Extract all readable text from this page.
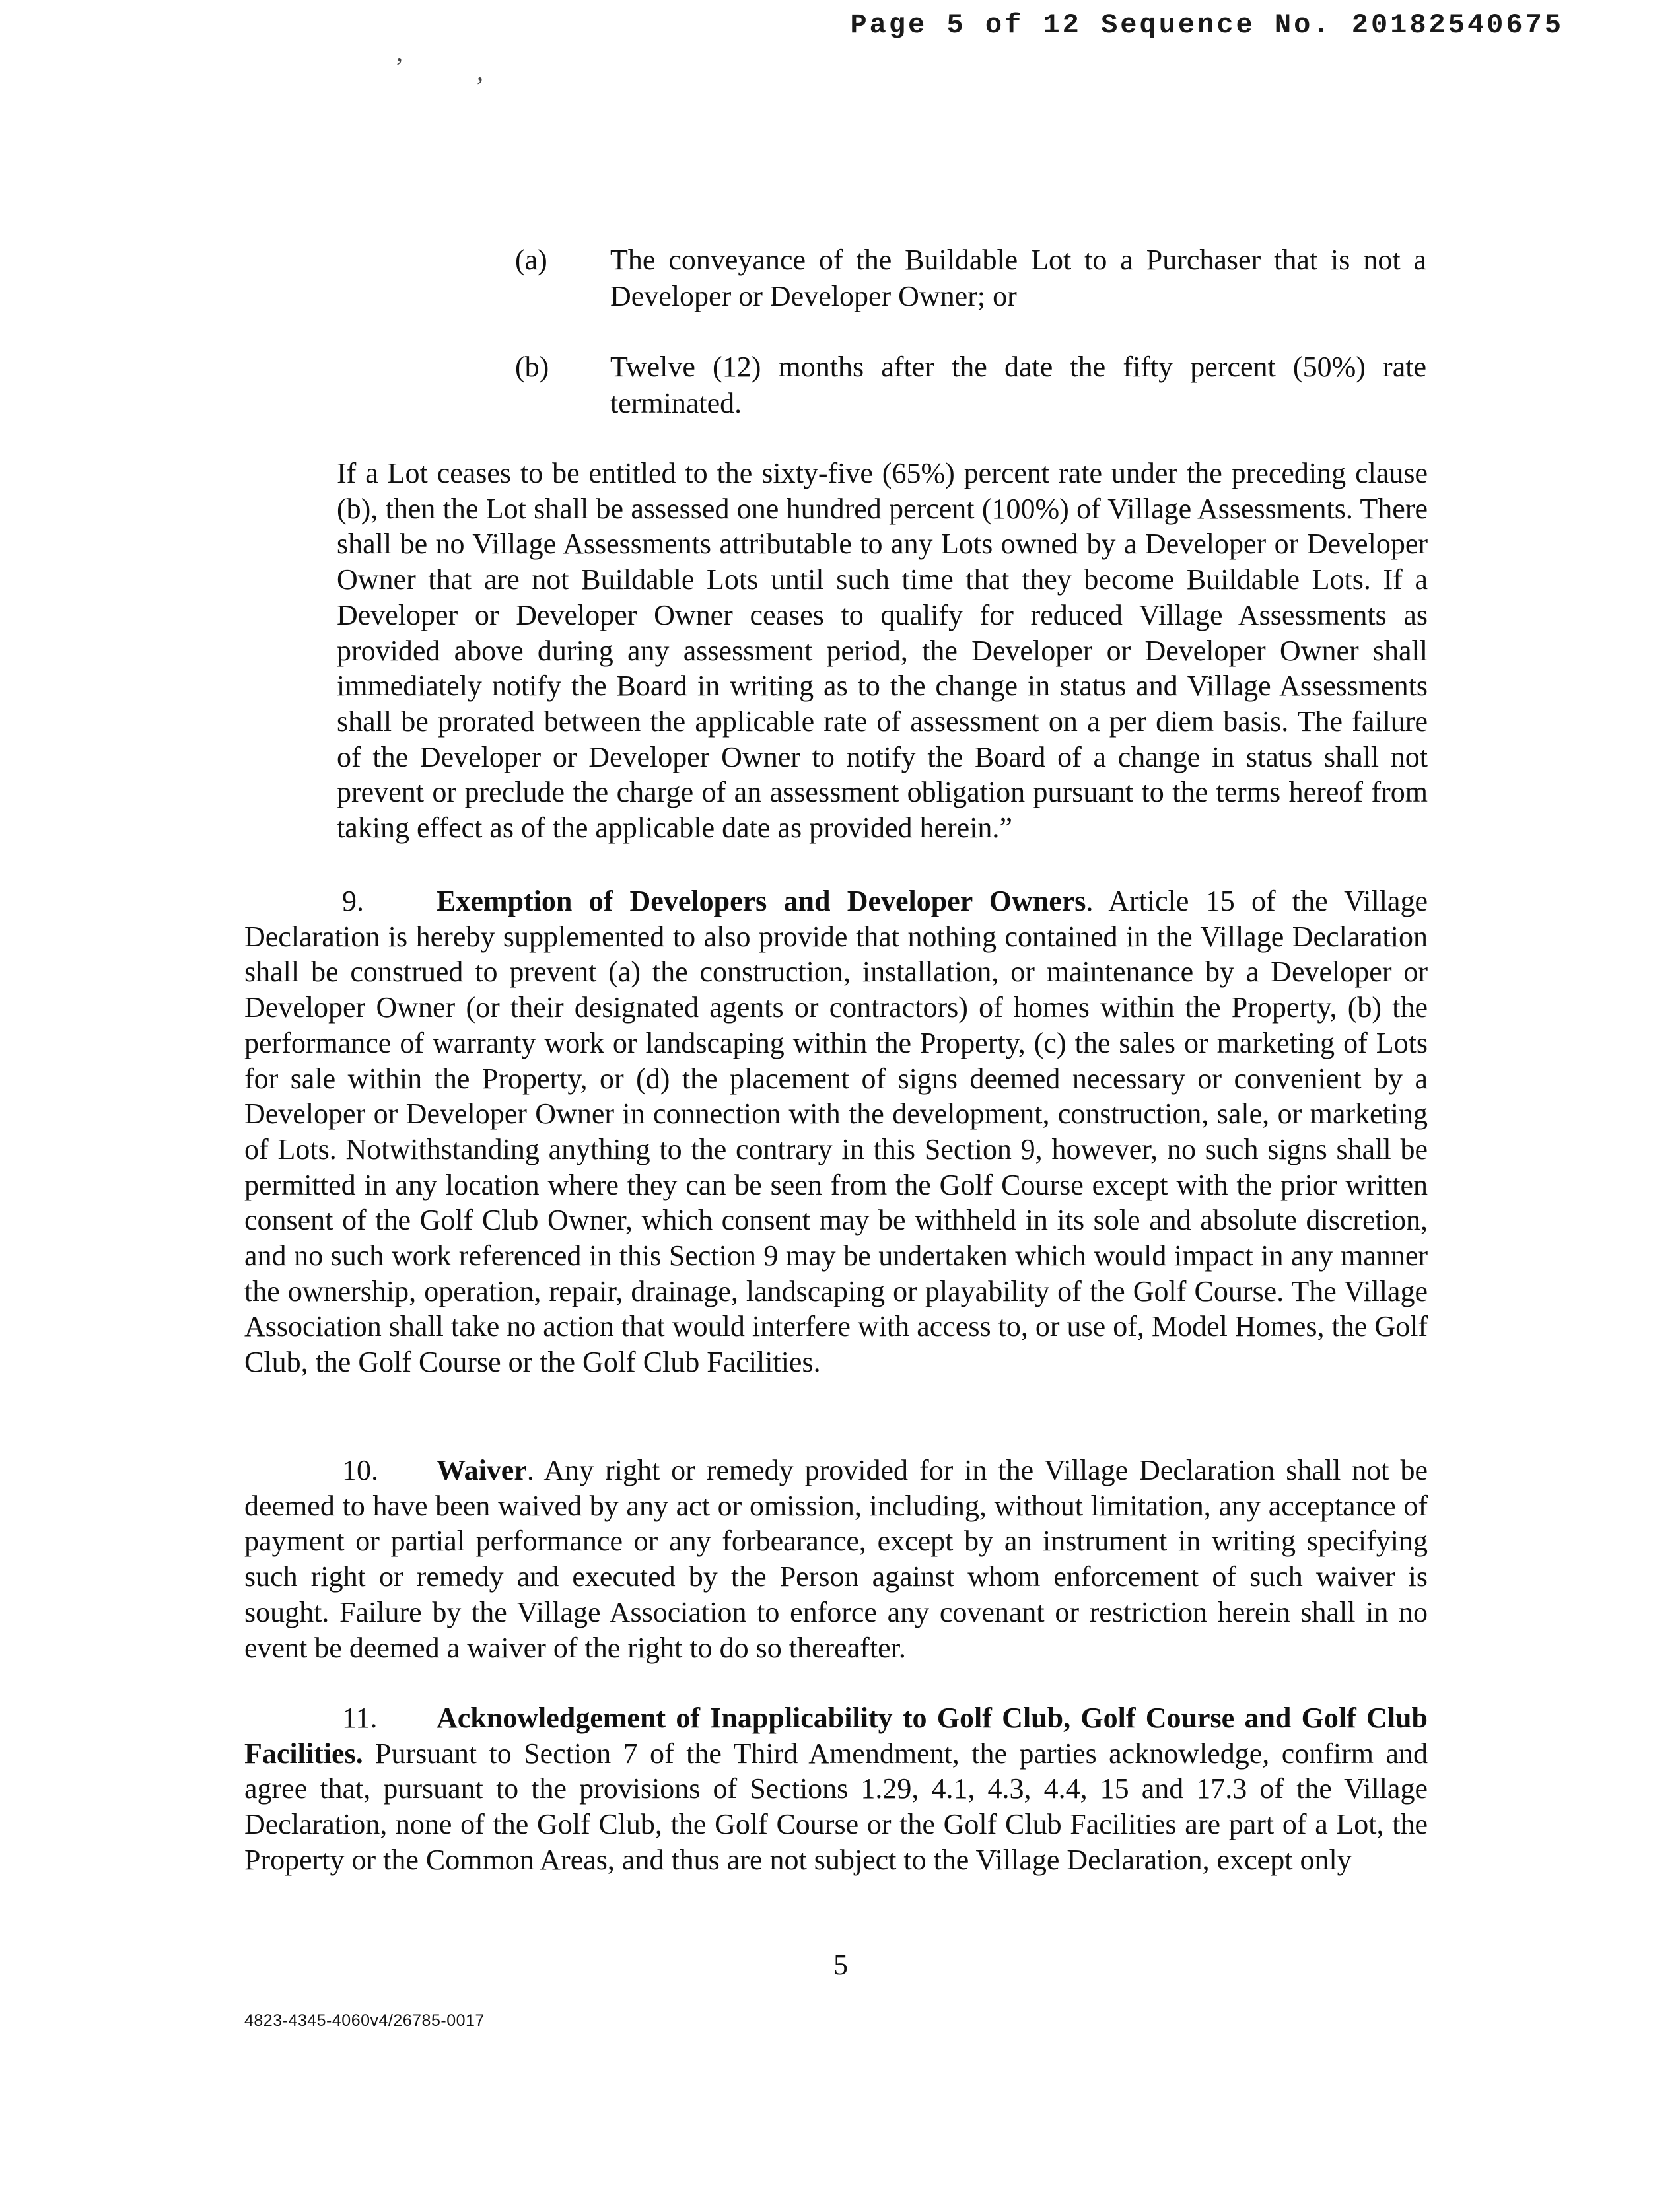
Page 5 of 12 Sequence No. 20182540675
ʼ	,
(a) The conveyance of the Buildable Lot to a Purchaser that is not a Developer or Developer Owner; or
(b) Twelve (12) months after the date the fifty percent (50%) rate terminated.

If a Lot ceases to be entitled to the sixty-five (65%) percent rate under the preceding clause (b), then the Lot shall be assessed one hundred percent (100%) of Village Assessments. There shall be no Village Assessments attributable to any Lots owned by a Developer or Developer Owner that are not Buildable Lots until such time that they become Buildable Lots. If a Developer or Developer Owner ceases to qualify for reduced Village Assessments as provided above during any assessment period, the Developer or Developer Owner shall immediately notify the Board in writing as to the change in status and Village Assessments shall be prorated between the applicable rate of assessment on a per diem basis. The failure of the Developer or Developer Owner to notify the Board of a change in status shall not prevent or preclude the charge of an assessment obligation pursuant to the terms hereof from taking effect as of the applicable date as provided herein.”

9.	Exemption of Developers and Developer Owners. Article 15 of the Village Declaration is hereby supplemented to also provide that nothing contained in the Village Declaration shall be construed to prevent (a) the construction, installation, or maintenance by a Developer or Developer Owner (or their designated agents or contractors) of homes within the Property, (b) the performance of warranty work or landscaping within the Property, (c) the sales or marketing of Lots for sale within the Property, or (d) the placement of signs deemed necessary or convenient by a Developer or Developer Owner in connection with the development, construction, sale, or marketing of Lots. Notwithstanding anything to the contrary in this Section 9, however, no such signs shall be permitted in any location where they can be seen from the Golf Course except with the prior written consent of the Golf Club Owner, which consent may be withheld in its sole and absolute discretion, and no such work referenced in this Section 9 may be undertaken which would impact in any manner the ownership, operation, repair, drainage, landscaping or playability of the Golf Course. The Village Association shall take no action that would interfere with access to, or use of, Model Homes, the Golf Club, the Golf Course or the Golf Club Facilities.

10. Waiver. Any right or remedy provided for in the Village Declaration shall not be deemed to have been waived by any act or omission, including, without limitation, any acceptance of payment or partial performance or any forbearance, except by an instrument in writing specifying such right or remedy and executed by the Person against whom enforcement of such waiver is sought. Failure by the Village Association to enforce any covenant or restriction herein shall in no event be deemed a waiver of the right to do so thereafter.

11. Acknowledgement of Inapplicability to Golf Club, Golf Course and Golf Club Facilities. Pursuant to Section 7 of the Third Amendment, the parties acknowledge, confirm and agree that, pursuant to the provisions of Sections 1.29, 4.1, 4.3, 4.4, 15 and 17.3 of the Village Declaration, none of the Golf Club, the Golf Course or the Golf Club Facilities are part of a Lot, the Property or the Common Areas, and thus are not subject to the Village Declaration, except only

5
4823-4345-4060v4/26785-0017
